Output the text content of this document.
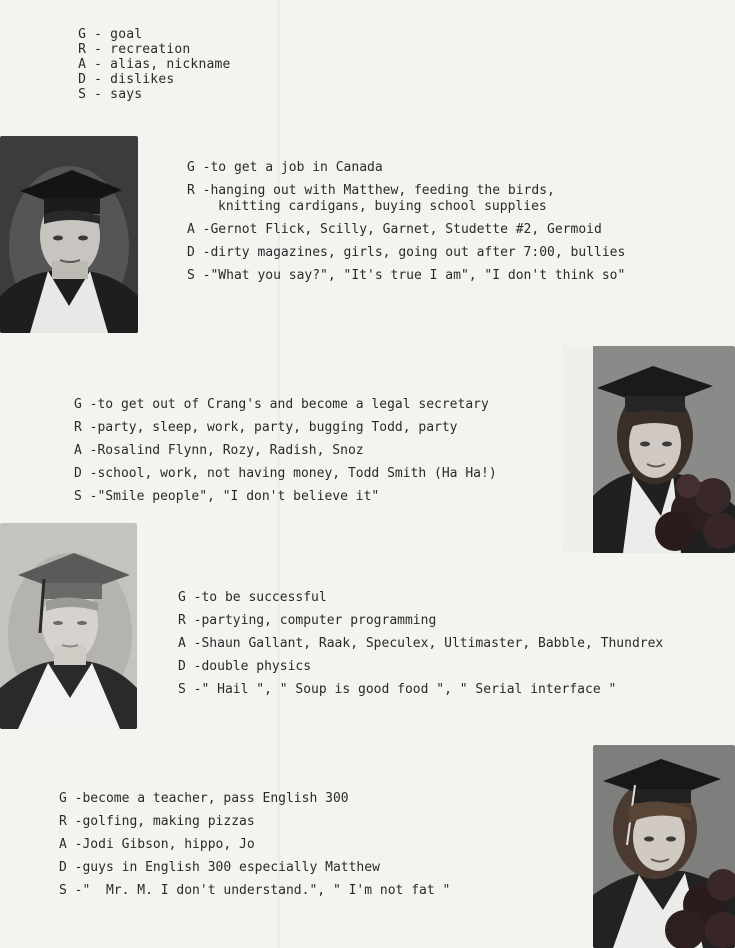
G - goal
R - recreation
A - alias, nickname
D - dislikes
S - says

G - to get a job in Canada
R - hanging out with Matthew, feeding the birds,
knitting cardigans, buying school supplies
A - Gernot Flick, Scilly, Garnet, Studette #2, Germoid
D - dirty magazines, girls, going out after 7:00, bullies
S - "What you say?", "It's true I am", "I don't think so"
G - to get out of Crang's and become a legal secretary
R - party, sleep, work, party, bugging Todd, party
A - Rosalind Flynn, Rozy, Radish, Snoz
D - school, work, not having money, Todd Smith (Ha Ha!)
S - "Smile people", "I don't believe it"
G - to be successful
R - partying, computer programming
A - Shaun Gallant, Raak, Speculex, Ultimaster, Babble, Thundrex
D - double physics
S - " Hail ", " Soup is good food ", " Serial interface "
G - become a teacher, pass English 300
R - golfing, making pizzas
A - Jodi Gibson, hippo, Jo
D - guys in English 300 especially Matthew
S - "  Mr. M. I don't understand.", " I'm not fat "
